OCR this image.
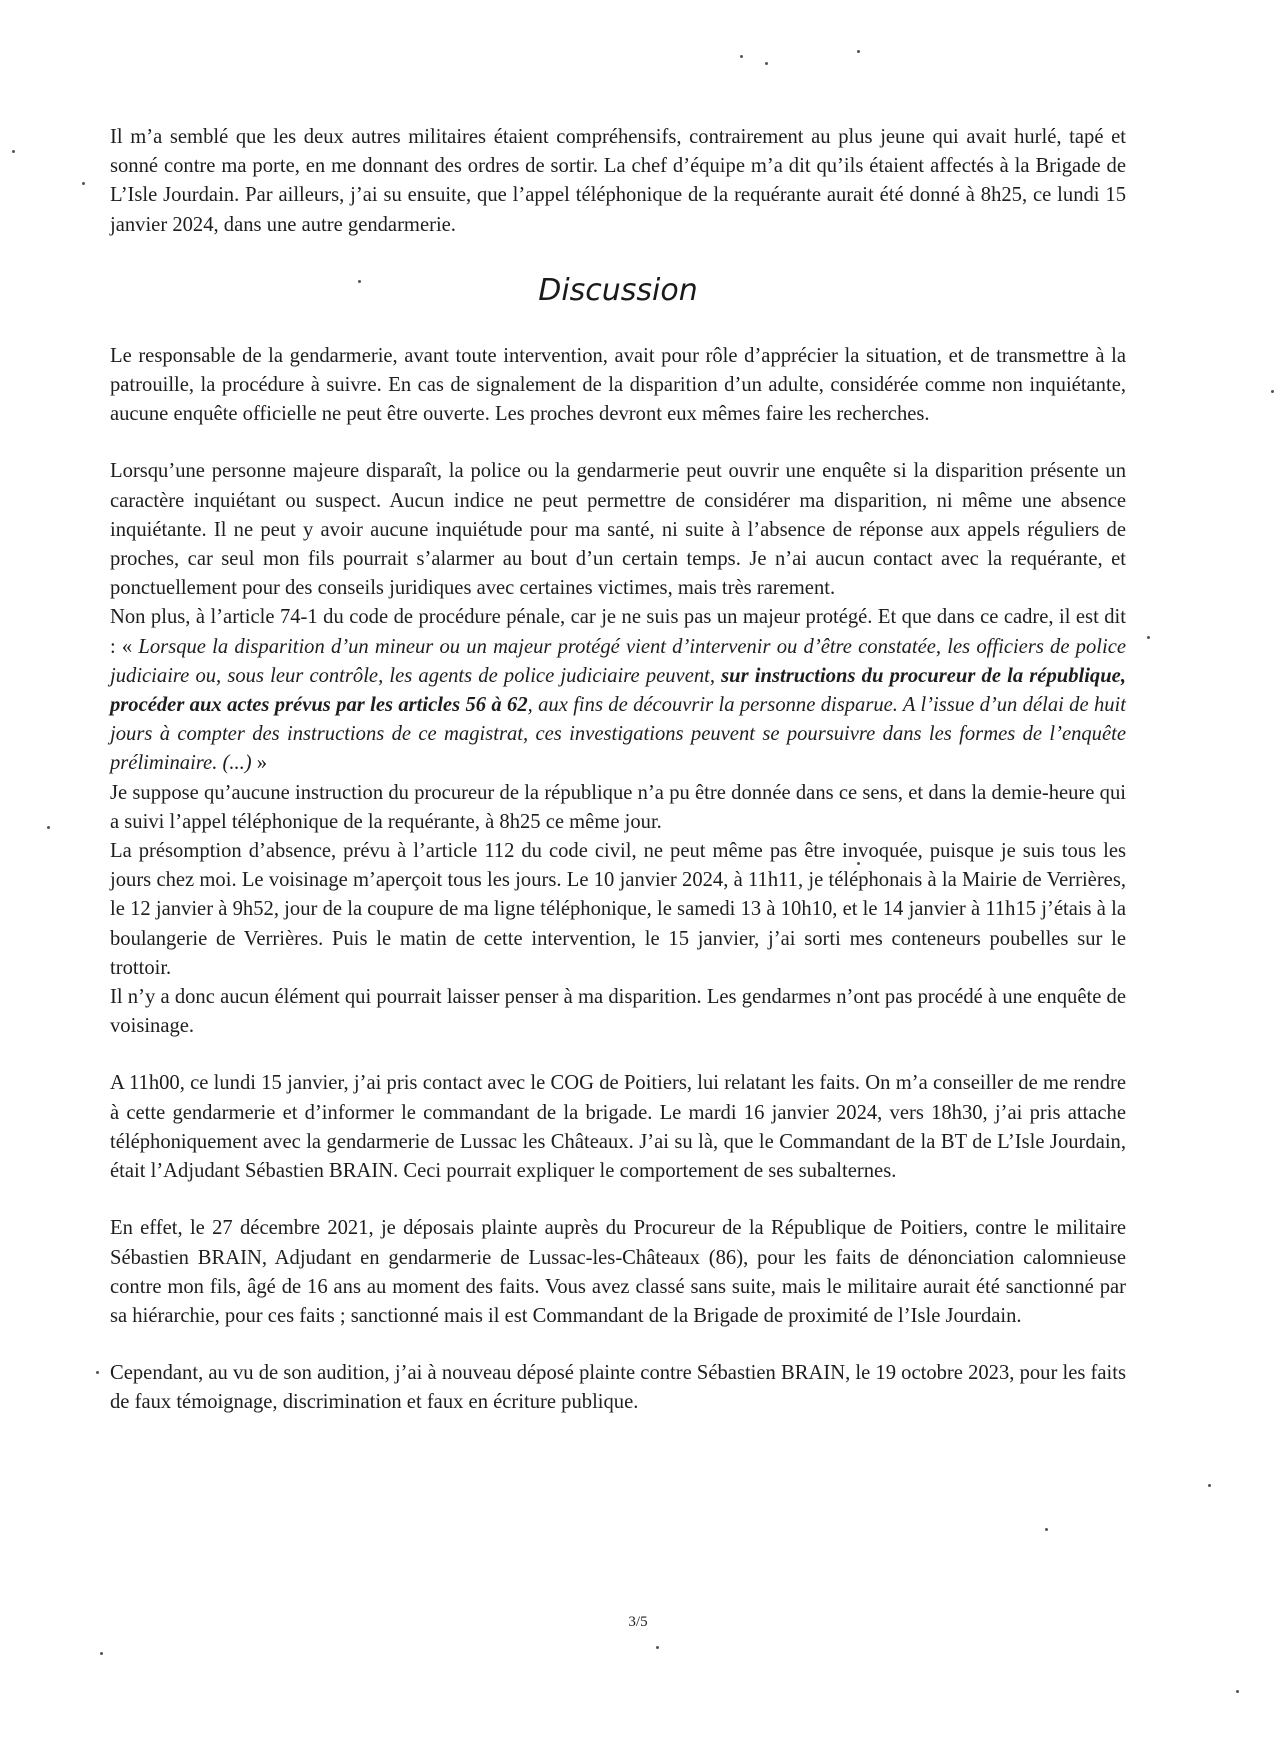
Il m’a semblé que les deux autres militaires étaient compréhensifs, contrairement au plus jeune qui avait hurlé, tapé et sonné contre ma porte, en me donnant des ordres de sortir. La chef d’équipe m’a dit qu’ils étaient affectés à la Brigade de L’Isle Jourdain. Par ailleurs, j’ai su ensuite, que l’appel téléphonique de la requérante aurait été donné à 8h25, ce lundi 15 janvier 2024, dans une autre gendarmerie.

Discussion

Le responsable de la gendarmerie, avant toute intervention, avait pour rôle d’apprécier la situation, et de transmettre à la patrouille, la procédure à suivre. En cas de signalement de la disparition d’un adulte, considérée comme non inquiétante, aucune enquête officielle ne peut être ouverte. Les proches devront eux mêmes faire les recherches.

Lorsqu’une personne majeure disparaît, la police ou la gendarmerie peut ouvrir une enquête si la disparition présente un caractère inquiétant ou suspect. Aucun indice ne peut permettre de considérer ma disparition, ni même une absence inquiétante. Il ne peut y avoir aucune inquiétude pour ma santé, ni suite à l’absence de réponse aux appels réguliers de proches, car seul mon fils pourrait s’alarmer au bout d’un certain temps. Je n’ai aucun contact avec la requérante, et ponctuellement pour des conseils juridiques avec certaines victimes, mais très rarement.

Non plus, à l’article 74-1 du code de procédure pénale, car je ne suis pas un majeur protégé. Et que dans ce cadre, il est dit : « Lorsque la disparition d’un mineur ou un majeur protégé vient d’intervenir ou d’être constatée, les officiers de police judiciaire ou, sous leur contrôle, les agents de police judiciaire peuvent, sur instructions du procureur de la république, procéder aux actes prévus par les articles 56 à 62, aux fins de découvrir la personne disparue. A l’issue d’un délai de huit jours à compter des instructions de ce magistrat, ces investigations peuvent se poursuivre dans les formes de l’enquête préliminaire. (...) »

Je suppose qu’aucune instruction du procureur de la république n’a pu être donnée dans ce sens, et dans la demie-heure qui a suivi l’appel téléphonique de la requérante, à 8h25 ce même jour.

La présomption d’absence, prévu à l’article 112 du code civil, ne peut même pas être invoquée, puisque je suis tous les jours chez moi. Le voisinage m’aperçoit tous les jours. Le 10 janvier 2024, à 11h11, je téléphonais à la Mairie de Verrières, le 12 janvier à 9h52, jour de la coupure de ma ligne téléphonique, le samedi 13 à 10h10, et le 14 janvier à 11h15 j’étais à la boulangerie de Verrières. Puis le matin de cette intervention, le 15 janvier, j’ai sorti mes conteneurs poubelles sur le trottoir.

Il n’y a donc aucun élément qui pourrait laisser penser à ma disparition. Les gendarmes n’ont pas procédé à une enquête de voisinage.

A 11h00, ce lundi 15 janvier, j’ai pris contact avec le COG de Poitiers, lui relatant les faits. On m’a conseiller de me rendre à cette gendarmerie et d’informer le commandant de la brigade. Le mardi 16 janvier 2024, vers 18h30, j’ai pris attache téléphoniquement avec la gendarmerie de Lussac les Châteaux. J’ai su là, que le Commandant de la BT de L’Isle Jourdain, était l’Adjudant Sébastien BRAIN. Ceci pourrait expliquer le comportement de ses subalternes.

En effet, le 27 décembre 2021, je déposais plainte auprès du Procureur de la République de Poitiers, contre le militaire Sébastien BRAIN, Adjudant en gendarmerie de Lussac-les-Châteaux (86), pour les faits de dénonciation calomnieuse contre mon fils, âgé de 16 ans au moment des faits. Vous avez classé sans suite, mais le militaire aurait été sanctionné par sa hiérarchie, pour ces faits ; sanctionné mais il est Commandant de la Brigade de proximité de l’Isle Jourdain.

Cependant, au vu de son audition, j’ai à nouveau déposé plainte contre Sébastien BRAIN, le 19 octobre 2023, pour les faits de faux témoignage, discrimination et faux en écriture publique.

3/5
